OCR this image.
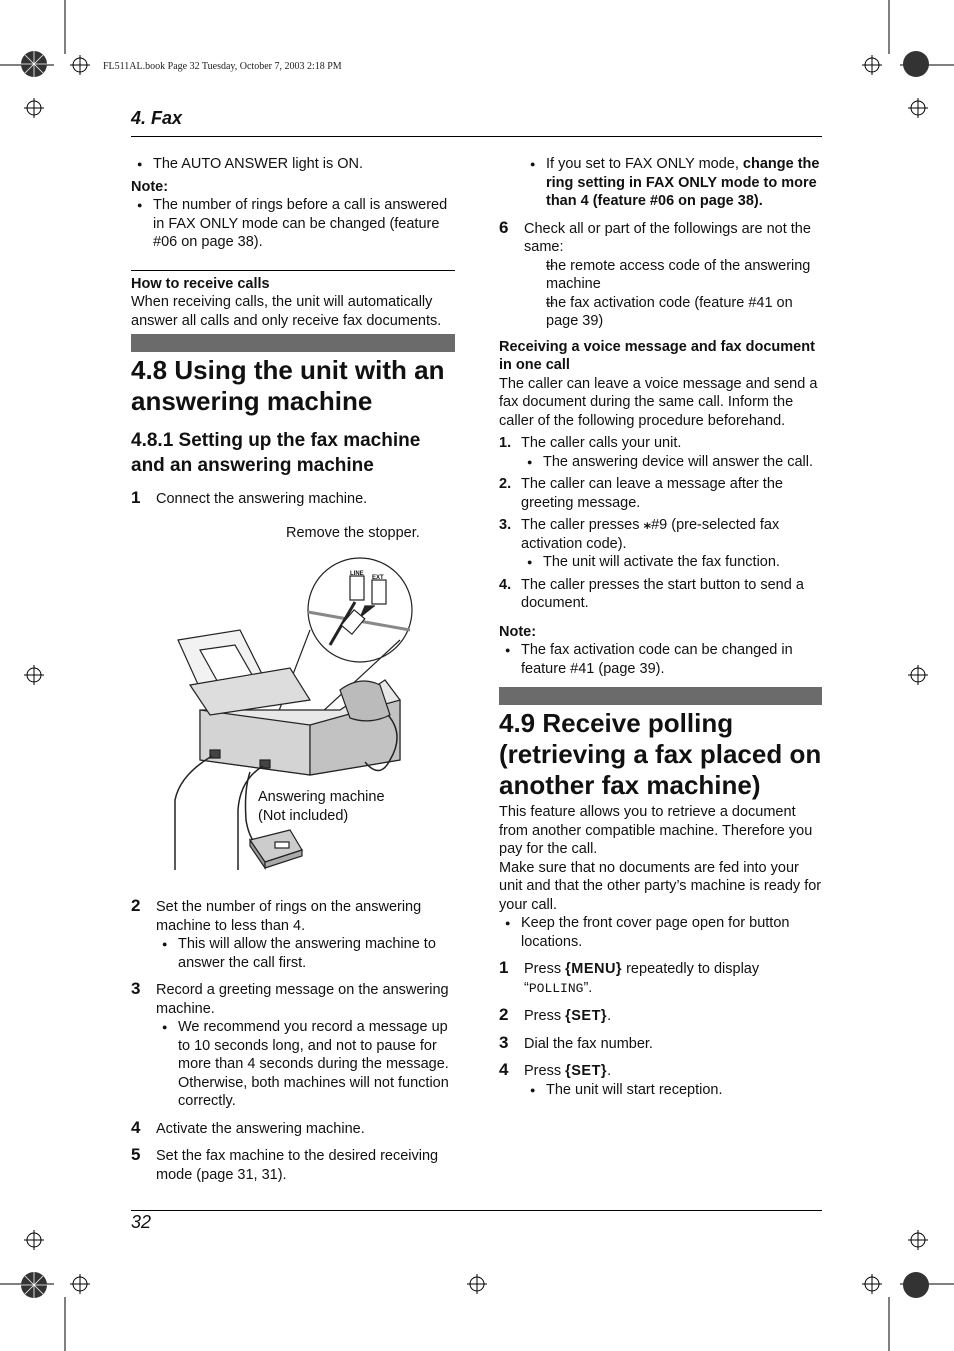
FL511AL.book Page 32 Tuesday, October 7, 2003 2:18 PM
4. Fax

● The AUTO ANSWER light is ON.

Note:

● The number of rings before a call is answered in FAX ONLY mode can be changed (feature #06 on page 38).

How to receive calls

When receiving calls, the unit will automatically answer all calls and only receive fax documents.

4.8 Using the unit with an answering machine
4.8.1 Setting up the fax machine and an answering machine
1 Connect the answering machine.
Remove the stopper.
LINE
EXT

Answering machine

(Not included)

2 Set the number of rings on the answering machine to less than 4.

● This will allow the answering machine to answer the call first.

3 Record a greeting message on the answering machine.

● We recommend you record a message up to 10 seconds long, and not to pause for more than 4 seconds during the message. Otherwise, both machines will not function correctly.

4 Activate the answering machine.

5 Set the fax machine to the desired receiving mode (page 31, 31).

● If you set to FAX ONLY mode, change the ring setting in FAX ONLY mode to more than 4 (feature #06 on page 38).

6 Check all or part of the followings are not the same:

– the remote access code of the answering machine

– the fax activation code (feature #41 on page 39)

Receiving a voice message and fax document in one call

The caller can leave a voice message and send a fax document during the same call. Inform the caller of the following procedure beforehand.

1. The caller calls your unit.

● The answering device will answer the call.

2. The caller can leave a message after the greeting message.

3. The caller presses ⁎#9 (pre-selected fax activation code).

● The unit will activate the fax function.

4. The caller presses the start button to send a document.

Note:

● The fax activation code can be changed in feature #41 (page 39).

4.9 Receive polling (retrieving a fax placed on another fax machine)

This feature allows you to retrieve a document from another compatible machine. Therefore you pay for the call.

Make sure that no documents are fed into your unit and that the other party’s machine is ready for your call.

● Keep the front cover page open for button locations.

1 Press {MENU} repeatedly to display “POLLING”.

2 Press {SET}.

3 Dial the fax number.

4 Press {SET}.

● The unit will start reception.

32
